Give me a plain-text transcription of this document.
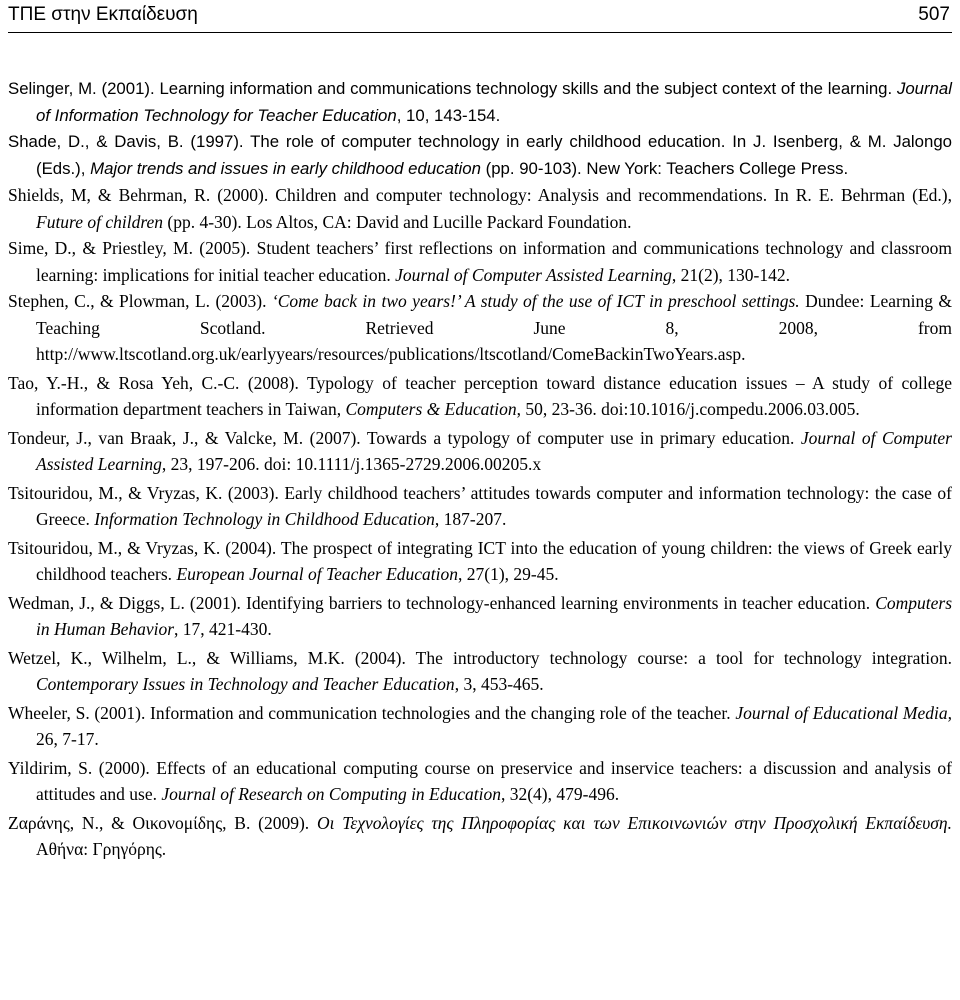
ΤΠΕ στην Εκπαίδευση	507

Selinger, M. (2001). Learning information and communications technology skills and the subject context of the learning. Journal of Information Technology for Teacher Education, 10, 143-154.

Shade, D., & Davis, B. (1997). The role of computer technology in early childhood education. In J. Isenberg, & M. Jalongo (Eds.), Major trends and issues in early childhood education (pp. 90-103). New York: Teachers College Press.

Shields, M, & Behrman, R. (2000). Children and computer technology: Analysis and recommendations. In R. E. Behrman (Ed.), Future of children (pp. 4-30). Los Altos, CA: David and Lucille Packard Foundation.

Sime, D., & Priestley, M. (2005). Student teachers’ first reflections on information and communications technology and classroom learning: implications for initial teacher education. Journal of Computer Assisted Learning, 21(2), 130-142.

Stephen, C., & Plowman, L. (2003). ‘Come back in two years!’ A study of the use of ICT in preschool settings. Dundee: Learning & Teaching Scotland. Retrieved June 8, 2008, from http://www.ltscotland.org.uk/earlyyears/resources/publications/ltscotland/ComeBackinTwoYears.asp.

Tao, Y.-H., & Rosa Yeh, C.-C. (2008). Typology of teacher perception toward distance education issues – A study of college information department teachers in Taiwan, Computers & Education, 50, 23-36. doi:10.1016/j.compedu.2006.03.005.

Tondeur, J., van Braak, J., & Valcke, M. (2007). Towards a typology of computer use in primary education. Journal of Computer Assisted Learning, 23, 197-206. doi: 10.1111/j.1365-2729.2006.00205.x

Tsitouridou, M., & Vryzas, K. (2003). Early childhood teachers’ attitudes towards computer and information technology: the case of Greece. Information Technology in Childhood Education, 187-207.

Tsitouridou, M., & Vryzas, K. (2004). The prospect of integrating ICT into the education of young children: the views of Greek early childhood teachers. European Journal of Teacher Education, 27(1), 29-45.

Wedman, J., & Diggs, L. (2001). Identifying barriers to technology-enhanced learning environments in teacher education. Computers in Human Behavior, 17, 421-430.

Wetzel, K., Wilhelm, L., & Williams, M.K. (2004). The introductory technology course: a tool for technology integration. Contemporary Issues in Technology and Teacher Education, 3, 453-465.

Wheeler, S. (2001). Information and communication technologies and the changing role of the teacher. Journal of Educational Media, 26, 7-17.

Yildirim, S. (2000). Effects of an educational computing course on preservice and inservice teachers: a discussion and analysis of attitudes and use. Journal of Research on Computing in Education, 32(4), 479-496.

Ζαράνης, Ν., & Οικονομίδης, Β. (2009). Οι Τεχνολογίες της Πληροφορίας και των Επικοινωνιών στην Προσχολική Εκπαίδευση. Αθήνα: Γρηγόρης.
